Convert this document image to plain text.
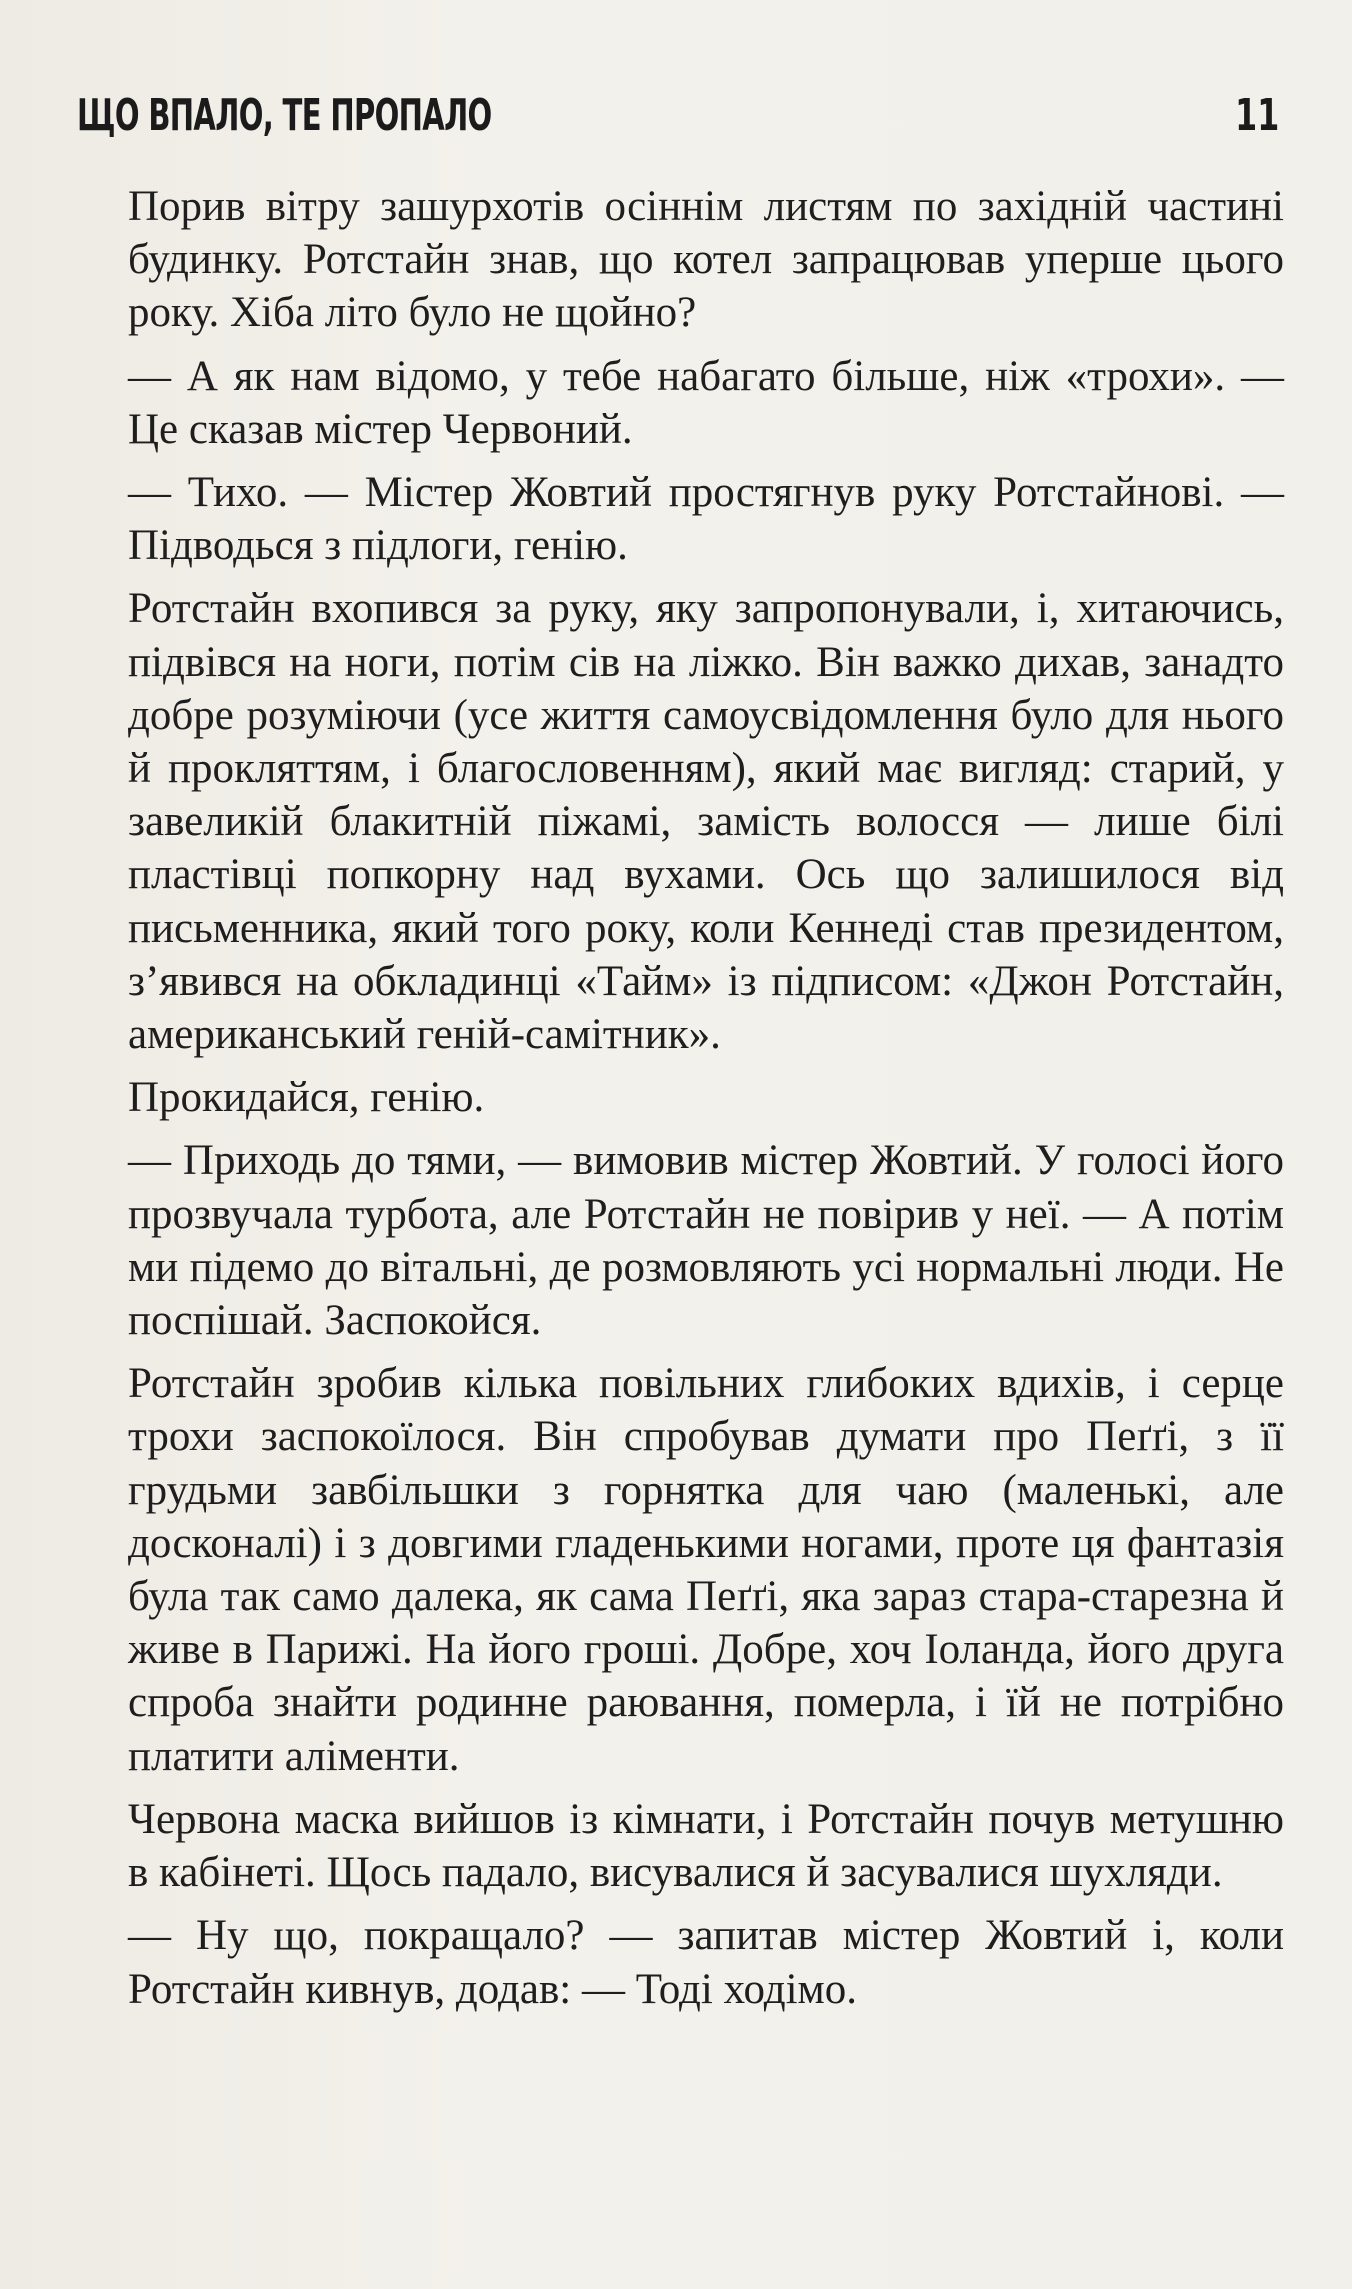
ЩО ВПАЛО, ТЕ ПРОПАЛО	11

Порив вітру зашурхотів осіннім листям по західній частині будинку. Ротстайн знав, що котел запрацював уперше цього року. Хіба літо було не щойно?

— А як нам відомо, у тебе набагато більше, ніж «трохи». — Це сказав містер Червоний.

— Тихо. — Містер Жовтий простягнув руку Ротстайнові. — Підводься з підлоги, генію.

Ротстайн вхопився за руку, яку запропонували, і, хитаючись, підвівся на ноги, потім сів на ліжко. Він важко дихав, занадто добре розуміючи (усе життя самоусвідомлення було для нього й прокляттям, і благословенням), який має вигляд: старий, у завеликій блакитній піжамі, замість волосся — лише білі пластівці попкорну над вухами. Ось що залишилося від письменника, який того року, коли Кеннеді став президентом, з’явився на обкладинці «Тайм» із підписом: «Джон Ротстайн, американський геній-самітник».

Прокидайся, генію.

— Приходь до тями, — вимовив містер Жовтий. У голосі його прозвучала турбота, але Ротстайн не повірив у неї. — А потім ми підемо до вітальні, де розмовляють усі нормальні люди. Не поспішай. Заспокойся.

Ротстайн зробив кілька повільних глибоких вдихів, і серце трохи заспокоїлося. Він спробував думати про Пеґґі, з її грудьми завбільшки з горнятка для чаю (маленькі, але досконалі) і з довгими гладенькими ногами, проте ця фантазія була так само далека, як сама Пеґґі, яка зараз стара-старезна й живе в Парижі. На його гроші. Добре, хоч Іоланда, його друга спроба знайти родинне раювання, померла, і їй не потрібно платити аліменти.

Червона маска вийшов із кімнати, і Ротстайн почув метушню в кабінеті. Щось падало, висувалися й засувалися шухляди.

— Ну що, покращало? — запитав містер Жовтий і, коли Ротстайн кивнув, додав: — Тоді ходімо.
